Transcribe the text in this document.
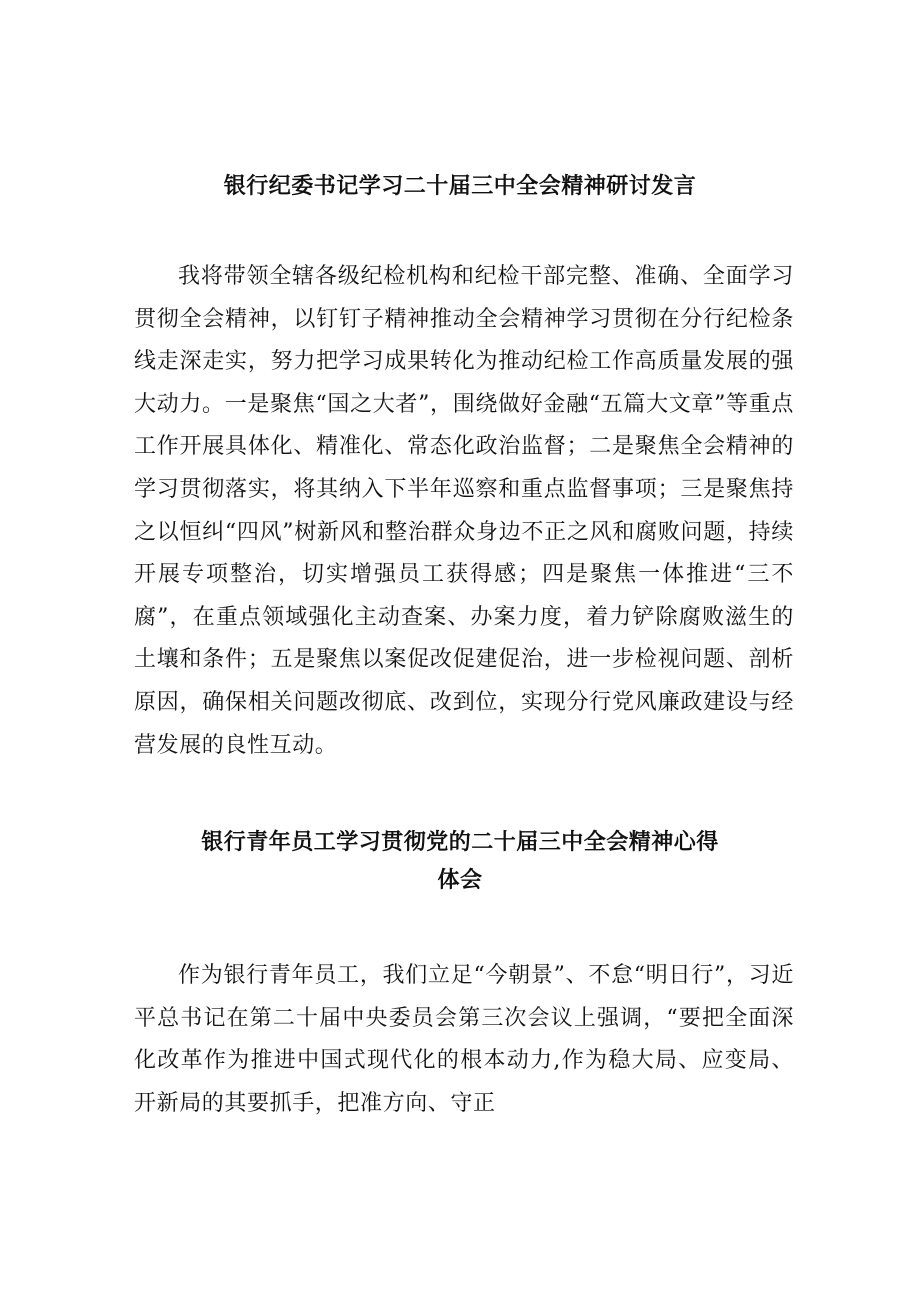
银行纪委书记学习二十届三中全会精神研讨发言
我将带领全辖各级纪检机构和纪检干部完整、准确、全面学习贯彻全会精神，以钉钉子精神推动全会精神学习贯彻在分行纪检条线走深走实，努力把学习成果转化为推动纪检工作高质量发展的强大动力。一是聚焦“国之大者”，围绕做好金融“五篇大文章”等重点工作开展具体化、精准化、常态化政治监督；二是聚焦全会精神的学习贯彻落实，将其纳入下半年巡察和重点监督事项；三是聚焦持之以恒纠“四风”树新风和整治群众身边不正之风和腐败问题，持续开展专项整治，切实增强员工获得感；四是聚焦一体推进“三不腐”，在重点领域强化主动查案、办案力度，着力铲除腐败滋生的土壤和条件；五是聚焦以案促改促建促治，进一步检视问题、剖析原因，确保相关问题改彻底、改到位，实现分行党风廉政建设与经营发展的良性互动。
银行青年员工学习贯彻党的二十届三中全会精神心得
体会
作为银行青年员工，我们立足“今朝景”、不怠“明日行”，习近平总书记在第二十届中央委员会第三次会议上强调，“要把全面深化改革作为推进中国式现代化的根本动力,作为稳大局、应变局、开新局的其要抓手，把准方向、守正
